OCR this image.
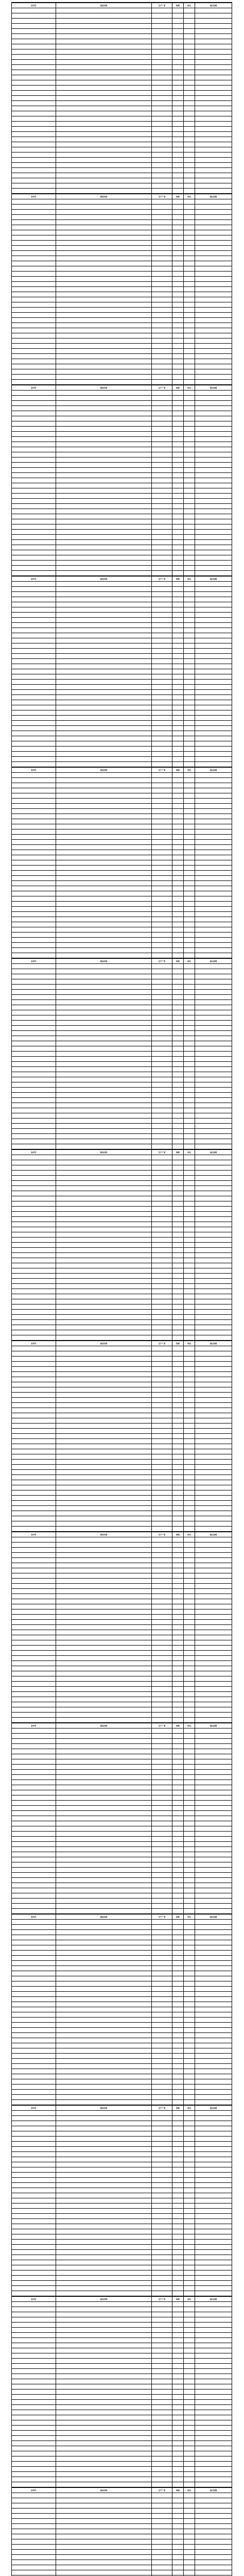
参考号	商品名称	生产厂家	规格	单位	备注说明

参考号	商品名称	生产厂家	规格	单位	备注说明

参考号	商品名称	生产厂家	规格	单位	备注说明

参考号	商品名称	生产厂家	规格	单位	备注说明

参考号	商品名称	生产厂家	规格	单位	备注说明

参考号	商品名称	生产厂家	规格	单位	备注说明

参考号	商品名称	生产厂家	规格	单位	备注说明

参考号	商品名称	生产厂家	规格	单位	备注说明

参考号	商品名称	生产厂家	规格	单位	备注说明

参考号	商品名称	生产厂家	规格	单位	备注说明

参考号	商品名称	生产厂家	规格	单位	备注说明

参考号	商品名称	生产厂家	规格	单位	备注说明

参考号	商品名称	生产厂家	规格	单位	备注说明

参考号	商品名称	生产厂家	规格	单位	备注说明
